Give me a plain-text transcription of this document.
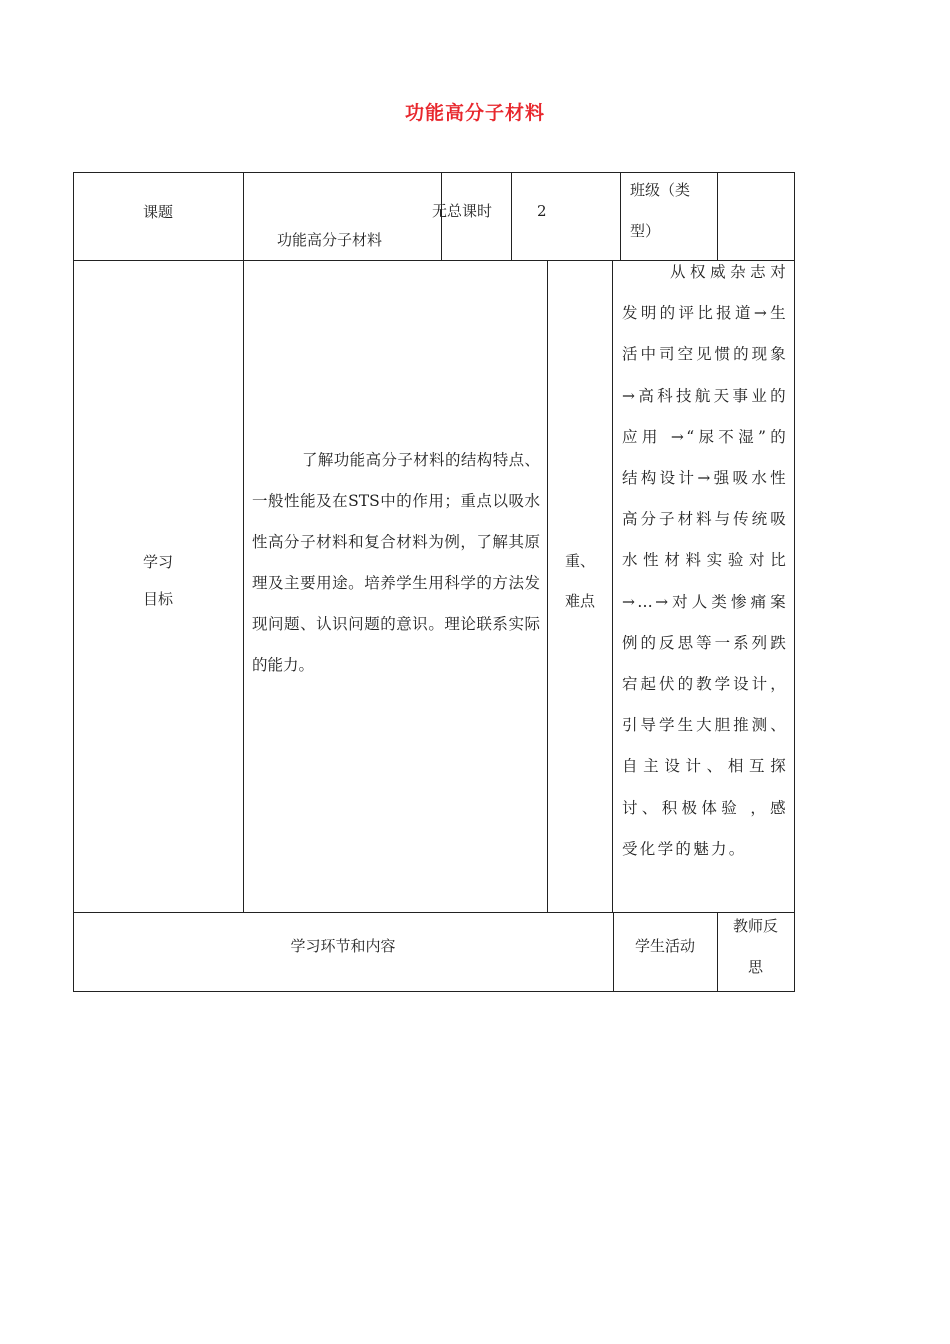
功能高分子材料
课题
功能高分子材料
无总课时	2
班级（类
型）
学习
目标
了解功能高分子材料的结构特点、一般性能及在STS中的作用；重点以吸水性高分子材料和复合材料为例，了解其原理及主要用途。培养学生用科学的方法发现问题、认识问题的意识。理论联系实际的能力。
重、
难点
从权威杂志对发明的评比报道→生活中司空见惯的现象→高科技航天事业的应用 →“尿不湿”的结构设计→强吸水性高分子材料与传统吸水性材料实验对比→…→对人类惨痛案例的反思等一系列跌宕起伏的教学设计，引导学生大胆推测、自主设计、相互探讨、积极体验 ，感受化学的魅力。
学习环节和内容	学生活动
教师反
思
